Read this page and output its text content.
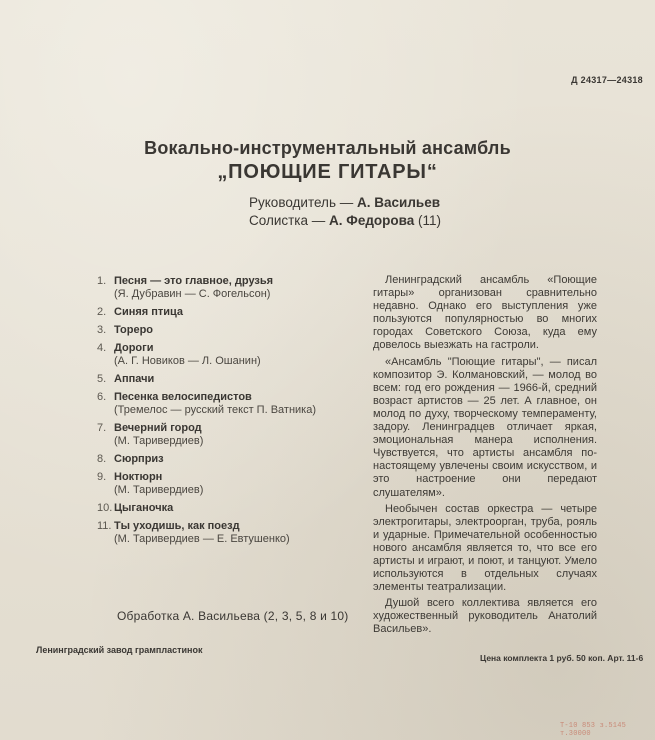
Д 24317—24318
Вокально-инструментальный ансамбль
„ПОЮЩИЕ ГИТАРЫ“
Руководитель — А. Васильев
Солистка — А. Федорова (11)
1. Песня — это главное, друзья
(Я. Дубравин — С. Фогельсон)
2. Синяя птица
3. Тореро
4. Дороги
(А. Г. Новиков — Л. Ошанин)
5. Аппачи
6. Песенка велосипедистов
(Тремелос — русский текст П. Ватника)
7. Вечерний город
(М. Таривердиев)
8. Сюрприз
9. Ноктюрн
(М. Таривердиев)
10. Цыганочка
11. Ты уходишь, как поезд
(М. Таривердиев — Е. Евтушенко)
Обработка А. Васильева (2, 3, 5, 8 и 10)

Ленинградский ансамбль «Поющие гитары» организован сравнительно недавно. Однако его выступления уже пользуются популярностью во многих городах Советского Союза, куда ему довелось выезжать на гастроли.

«Ансамбль "Поющие гитары", — писал композитор Э. Колмановский, — молод во всем: год его рождения — 1966-й, средний возраст артистов — 25 лет. А главное, он молод по духу, творческому темпераменту, задору. Ленинградцев отличает яркая, эмоциональная манера исполнения. Чувствуется, что артисты ансамбля по-настоящему увлечены своим искусством, и это настроение они передают слушателям».

Необычен состав оркестра — четыре электрогитары, электроорган, труба, рояль и ударные. Примечательной особенностью нового ансамбля является то, что все его артисты и играют, и поют, и танцуют. Умело используются в отдельных случаях элементы театрализации.

Душой всего коллектива является его художественный руководитель Анатолий Васильев».

Ленинградский завод грампластинок
Цена комплекта 1 руб. 50 коп. Арт. 11-6
Т-10 853 з.5145 т.30000
